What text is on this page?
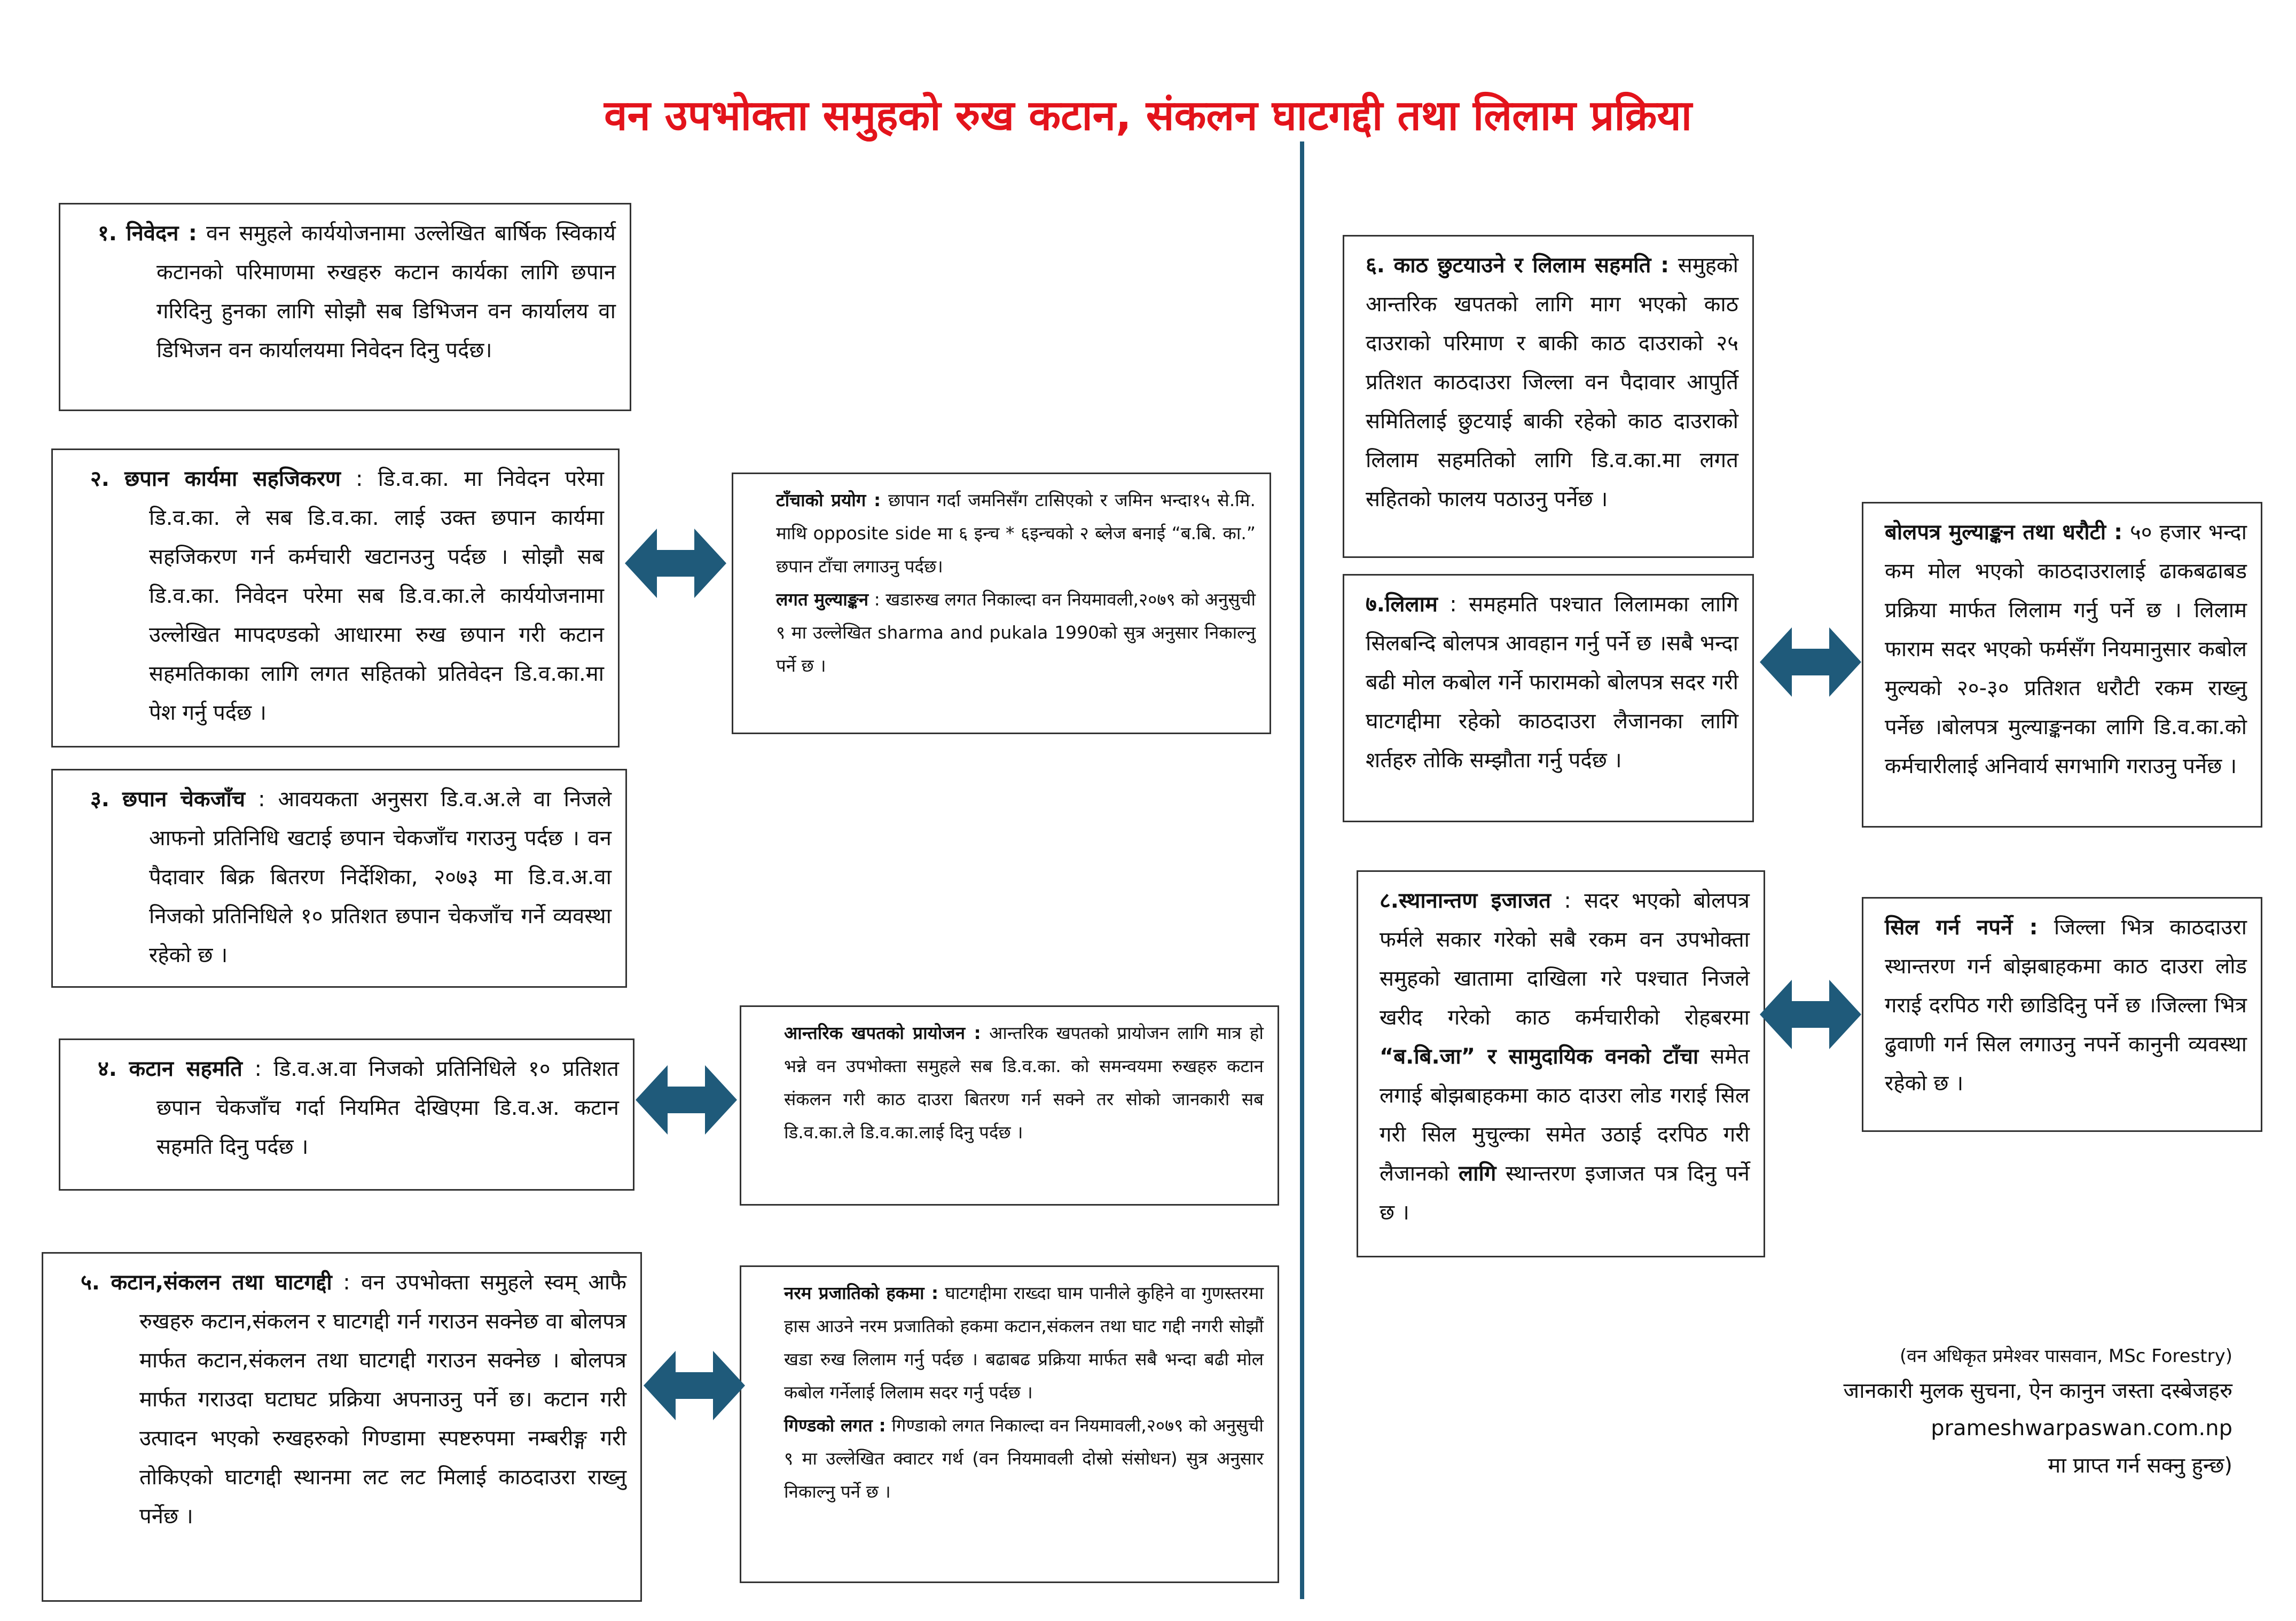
वन उपभोक्ता समुहको रुख कटान, संकलन घाटगद्दी तथा लिलाम प्रक्रिया
१. निवेदन : वन समुहले कार्ययोजनामा उल्लेखित बार्षिक स्विकार्य कटानको परिमाणमा रुखहरु कटान कार्यका लागि छपान गरिदिनु हुनका लागि सोझौ सब डिभिजन वन कार्यालय वा डिभिजन वन कार्यालयमा निवेदन दिनु पर्दछ।
२. छपान कार्यमा सहजिकरण : डि.व.का. मा निवेदन परेमा डि.व.का. ले सब डि.व.का. लाई उक्त छपान कार्यमा सहजिकरण गर्न कर्मचारी खटानउनु पर्दछ । सोझौ सब डि.व.का. निवेदन परेमा सब डि.व.का.ले कार्ययोजनामा उल्लेखित मापदण्डको आधारमा रुख छपान गरी कटान सहमतिकाका लागि लगत सहितको प्रतिवेदन डि.व.का.मा पेश गर्नु पर्दछ ।
३. छपान चेकजाँच : आवयकता अनुसरा डि.व.अ.ले वा निजले आफनो प्रतिनिधि खटाई छपान चेकजाँच गराउनु पर्दछ । वन पैदावार बिक्र बितरण निर्देशिका, २०७३ मा डि.व.अ.वा निजको प्रतिनिधिले १० प्रतिशत छपान चेकजाँच गर्ने व्यवस्था रहेको छ ।
४. कटान सहमति : डि.व.अ.वा निजको प्रतिनिधिले १० प्रतिशत छपान चेकजाँच गर्दा नियमित देखिएमा डि.व.अ. कटान सहमति दिनु पर्दछ ।
५. कटान,संकलन तथा घाटगद्दी : वन उपभोक्ता समुहले स्वम् आफै रुखहरु कटान,संकलन र घाटगद्दी गर्न गराउन सक्नेछ वा बोलपत्र मार्फत कटान,संकलन तथा घाटगद्दी गराउन सक्नेछ । बोलपत्र मार्फत गराउदा घटाघट प्रक्रिया अपनाउनु पर्ने छ। कटान गरी उत्पादन भएको रुखहरुको गिण्डामा स्पष्टरुपमा नम्बरीङ्ग गरी तोकिएको घाटगद्दी स्थानमा लट लट मिलाई काठदाउरा राख्नु पर्नेछ ।
टाँचाको प्रयोग : छापान गर्दा जमनिसँग टासिएको र जमिन भन्दा१५ से.मि. माथि opposite side मा ६ इन्च * ६इन्चको २ ब्लेज बनाई “ब.बि. का.” छपान टाँचा लगाउनु पर्दछ।
लगत मुल्याङ्कन : खडारुख लगत निकाल्दा वन नियमावली,२०७९ को अनुसुची ९ मा उल्लेखित sharma and pukala 1990को सुत्र अनुसार निकाल्नु पर्ने छ ।
आन्तरिक खपतको प्रायोजन : आन्तरिक खपतको प्रायोजन लागि मात्र हो भन्ने वन उपभोक्ता समुहले सब डि.व.का. को समन्वयमा रुखहरु कटान संकलन गरी काठ दाउरा बितरण गर्न सक्ने तर सोको जानकारी सब डि.व.का.ले डि.व.का.लाई दिनु पर्दछ ।
नरम प्रजातिको हकमा : घाटगद्दीमा राख्दा घाम पानीले कुहिने वा गुणस्तरमा हास आउने नरम प्रजातिको हकमा कटान,संकलन तथा घाट गद्दी नगरी सोझौं खडा रुख लिलाम गर्नु पर्दछ । बढाबढ प्रक्रिया मार्फत सबै भन्दा बढी मोल कबोल गर्नेलाई लिलाम सदर गर्नु पर्दछ ।
गिण्डको लगत : गिण्डाको लगत निकाल्दा वन नियमावली,२०७९ को अनुसुची ९ मा उल्लेखित क्वाटर गर्थ (वन नियमावली दोस्रो संसोधन) सुत्र अनुसार निकाल्नु पर्ने छ ।
६. काठ छुटयाउने र लिलाम सहमति : समुहको आन्तरिक खपतको लागि माग भएको काठ दाउराको परिमाण र बाकी काठ दाउराको २५ प्रतिशत काठदाउरा जिल्ला वन पैदावार आपुर्ति समितिलाई छुटयाई बाकी रहेको काठ दाउराको लिलाम सहमतिको लागि डि.व.का.मा लगत सहितको फालय पठाउनु पर्नेछ ।
७.लिलाम : समहमति पश्चात लिलामका लागि सिलबन्दि बोलपत्र आवहान गर्नु पर्ने छ ।सबै भन्दा बढी मोल कबोल गर्ने फारामको बोलपत्र सदर गरी घाटगद्दीमा रहेको काठदाउरा लैजानका लागि शर्तहरु तोकि सम्झौता गर्नु पर्दछ ।
८.स्थानान्तण इजाजत : सदर भएको बोलपत्र फर्मले सकार गरेको सबै रकम वन उपभोक्ता समुहको खातामा दाखिला गरे पश्चात निजले खरीद गरेको काठ कर्मचारीको रोहबरमा “ब.बि.जा” र सामुदायिक वनको टाँचा समेत लगाई बोझबाहकमा काठ दाउरा लोड गराई सिल गरी सिल मुचुल्का समेत उठाई दरपिठ गरी लैजानको लागि स्थान्तरण इजाजत पत्र दिनु पर्ने छ ।
बोलपत्र मुल्याङ्कन तथा धरौटी : ५० हजार भन्दा कम मोल भएको काठदाउरालाई ढाकबढाबड प्रक्रिया मार्फत लिलाम गर्नु पर्ने छ । लिलाम फाराम सदर भएको फर्मसँग नियमानुसार कबोल मुल्यको २०-३० प्रतिशत धरौटी रकम राख्नु पर्नेछ ।बोलपत्र मुल्याङ्कनका लागि डि.व.का.को कर्मचारीलाई अनिवार्य सगभागि गराउनु पर्नेछ ।
सिल गर्न नपर्ने : जिल्ला भित्र काठदाउरा स्थान्तरण गर्न बोझबाहकमा काठ दाउरा लोड गराई दरपिठ गरी छाडिदिनु पर्ने छ ।जिल्ला भित्र ढुवाणी गर्न सिल लगाउनु नपर्ने कानुनी व्यवस्था रहेको छ ।
(वन अधिकृत प्रमेश्वर पासवान, MSc Forestry)
जानकारी मुलक सुचना, ऐन कानुन जस्ता दस्बेजहरु
prameshwarpaswan.com.np
मा प्राप्त गर्न सक्नु हुन्छ)
